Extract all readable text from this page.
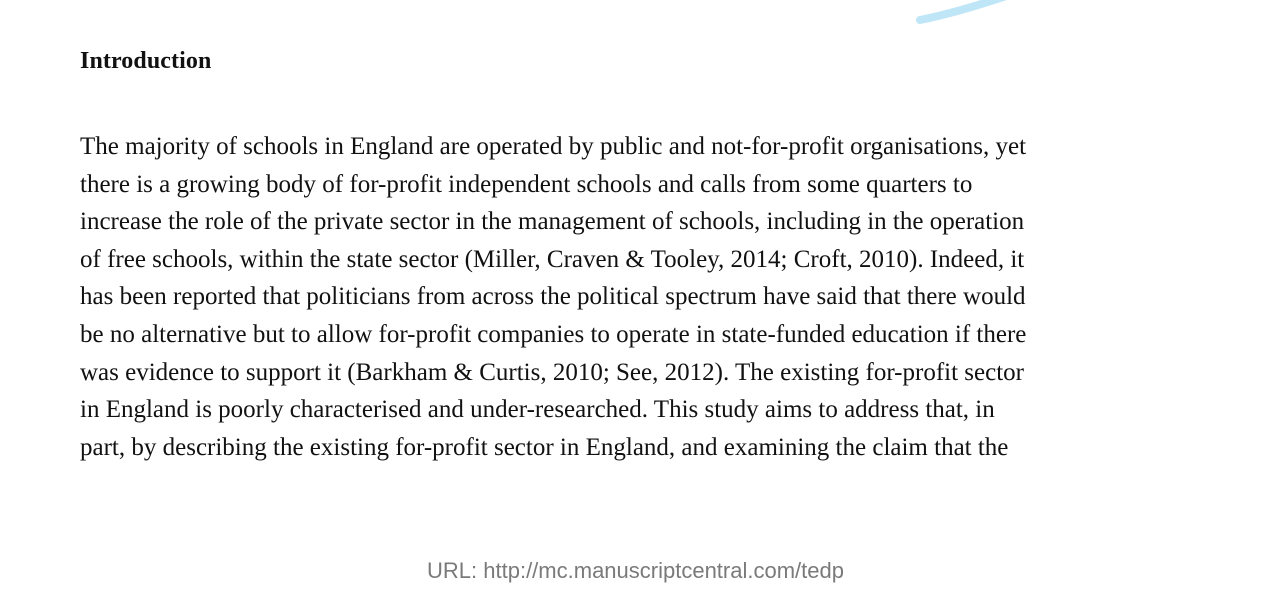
Introduction

The majority of schools in England are operated by public and not-for-profit organisations, yet
there is a growing body of for-profit independent schools and calls from some quarters to
increase the role of the private sector in the management of schools, including in the operation
of free schools, within the state sector (Miller, Craven & Tooley, 2014; Croft, 2010). Indeed, it
has been reported that politicians from across the political spectrum have said that there would
be no alternative but to allow for-profit companies to operate in state-funded education if there
was evidence to support it (Barkham & Curtis, 2010; See, 2012). The existing for-profit sector
in England is poorly characterised and under-researched. This study aims to address that, in
part, by describing the existing for-profit sector in England, and examining the claim that the

URL: http://mc.manuscriptcentral.com/tedp
